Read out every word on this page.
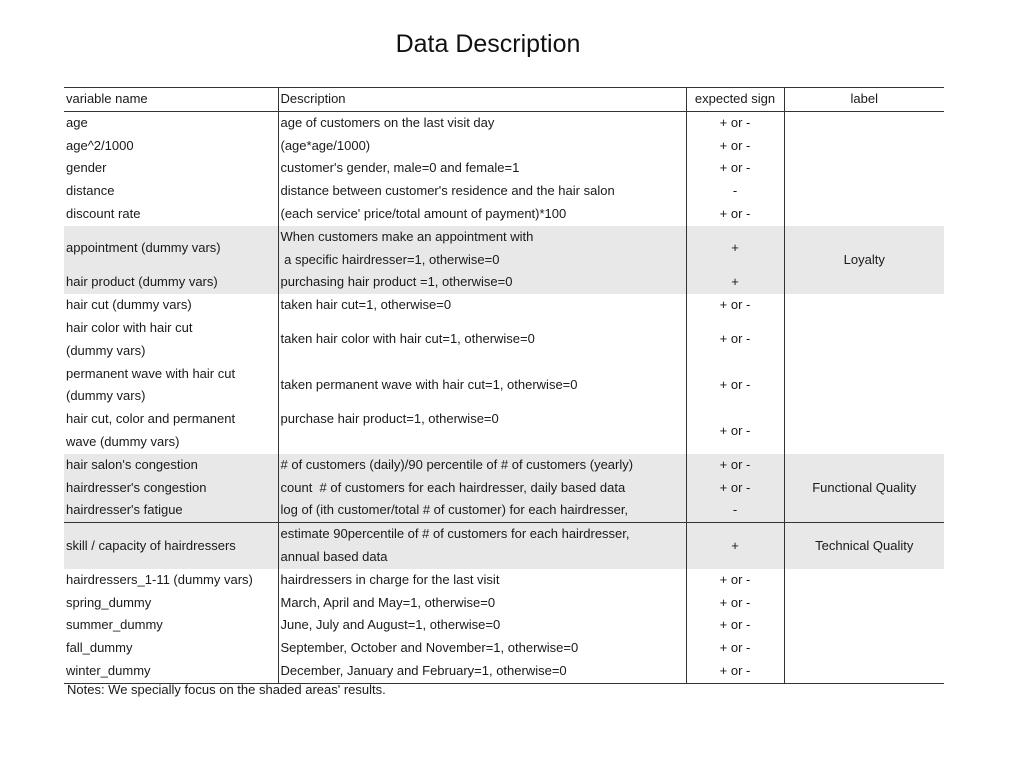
Data Description
variable name	Description	expected sign	label
age	age of customers on the last visit day	+ or -	
age^2/1000	(age*age/1000)	+ or -	
gender	customer's gender, male=0 and female=1	+ or -	
distance	distance between customer's residence and the hair salon	-	
discount rate	(each service' price/total amount of payment)*100	+ or -	
appointment (dummy vars)	When customers make an appointment with	+	Loyalty
	a specific hairdresser=1, otherwise=0		
hair product (dummy vars)	purchasing hair product =1, otherwise=0	+	
hair cut (dummy vars)	taken hair cut=1, otherwise=0	+ or -	
hair color with hair cut	taken hair color with hair cut=1, otherwise=0	+ or -	
(dummy vars)			
permanent wave with hair cut	taken permanent wave with hair cut=1, otherwise=0	+ or -	
(dummy vars)			
hair cut, color and permanent	purchase hair product=1, otherwise=0	+ or -	
wave (dummy vars)			
hair salon's congestion	# of customers (daily)/90 percentile of # of customers (yearly)	+ or -	Functional Quality
hairdresser's congestion	count  # of customers for each hairdresser, daily based data	+ or -	
hairdresser's fatigue	log of (ith customer/total # of customer) for each hairdresser,	-	
skill / capacity of hairdressers	estimate 90percentile of # of customers for each hairdresser,	+	Technical Quality
	annual based data		
hairdressers_1-11 (dummy vars)	hairdressers in charge for the last visit	+ or -	
spring_dummy	March, April and May=1, otherwise=0	+ or -	
summer_dummy	June, July and August=1, otherwise=0	+ or -	
fall_dummy	September, October and November=1, otherwise=0	+ or -	
winter_dummy	December, January and February=1, otherwise=0	+ or -	
Notes: We specially focus on the shaded areas' results.
